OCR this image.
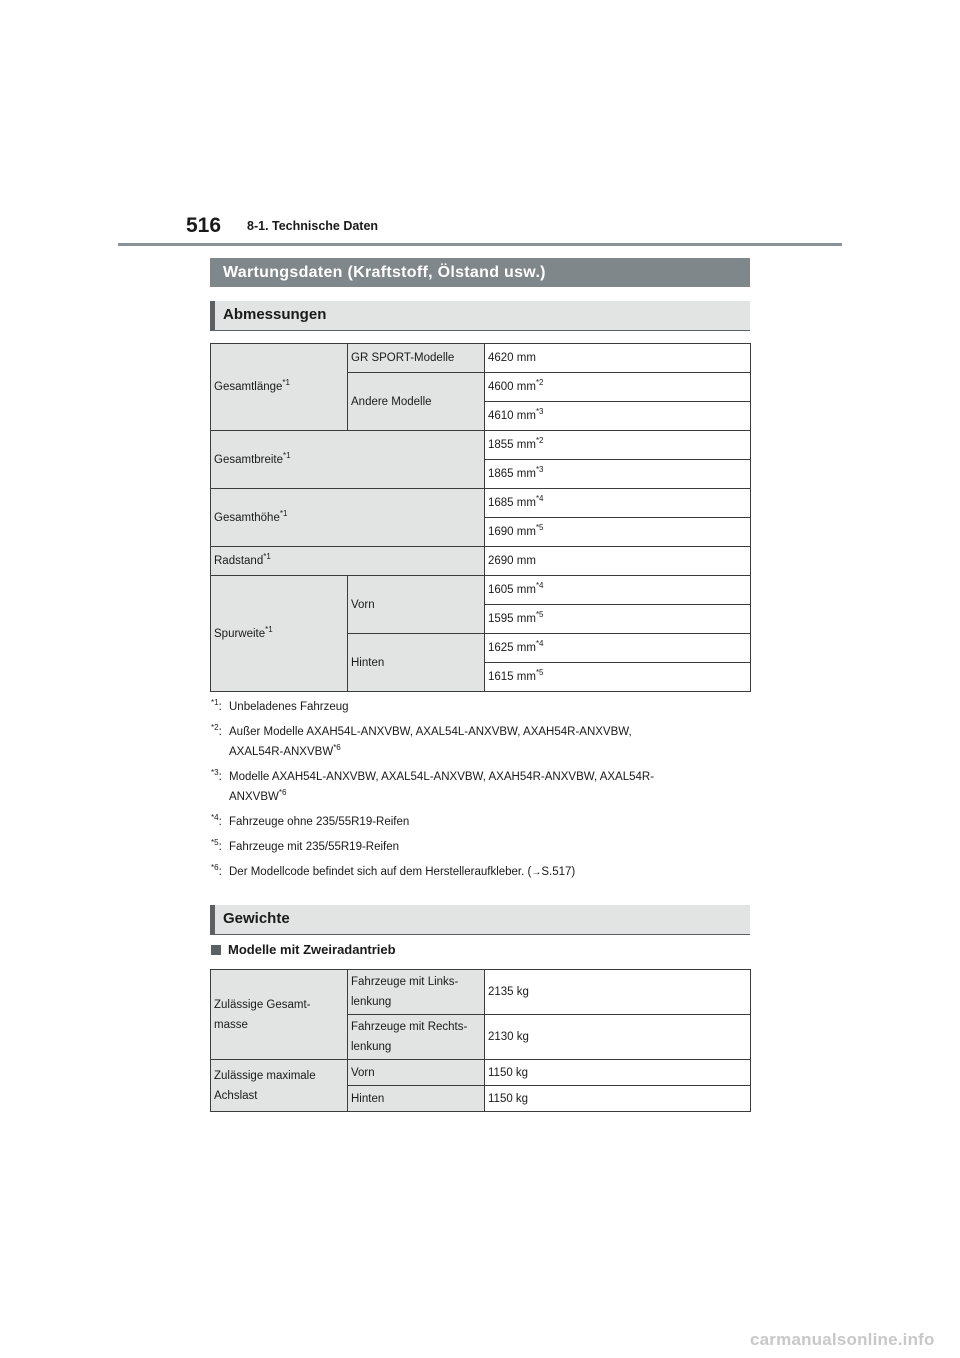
516 8-1. Technische Daten
Wartungsdaten (Kraftstoff, Ölstand usw.)
Abmessungen
Gesamtlänge$^{*1}$	GR SPORT-Modelle	4620 mm
	Andere Modelle	4600 $mm^{*2}$
		4610 $mm^{*3}$
Gesamtbreite$^{*1}$		1855 $mm^{*2}$
		1865 $mm^{*3}$
Gesamthöhe$^{*1}$		1685 $mm^{*4}$
		1690 $mm^{*5}$
Radstand$^{*1}$		2690 mm
Spurweite$^{*1}$	Vorn	1605 $mm^{*4}$
		1595 $mm^{*5}$
	Hinten	1625 $mm^{*4}$
		1615 $mm^{*5}$
$^{*1}$: Unbeladenes Fahrzeug
$^{*2}$: Außer Modelle AXAH54L-ANXVBW, AXAL54L-ANXVBW, AXAH54R-ANXVBW,
AXAL54R-ANXVBW$^{*6}$
$^{*3}$: Modelle AXAH54L-ANXVBW, AXAL54L-ANXVBW, AXAH54R-ANXVBW, AXAL54R-
ANXVBW$^{*6}$
$^{*4}$: Fahrzeuge ohne 235/55R19-Reifen
$^{*5}$: Fahrzeuge mit 235/55R19-Reifen
$^{*6}$: Der Modellcode befindet sich auf dem Herstelleraufkleber. (→S.517)
Gewichte
Modelle mit Zweiradantrieb
Zulässige Gesamt-
masse	Fahrzeuge mit Links-
lenkung	2135 kg
	Fahrzeuge mit Rechts-
lenkung	2130 kg
Zulässige maximale
Achslast	Vorn	1150 kg
	Hinten	1150 kg
carmanualsonline.info
